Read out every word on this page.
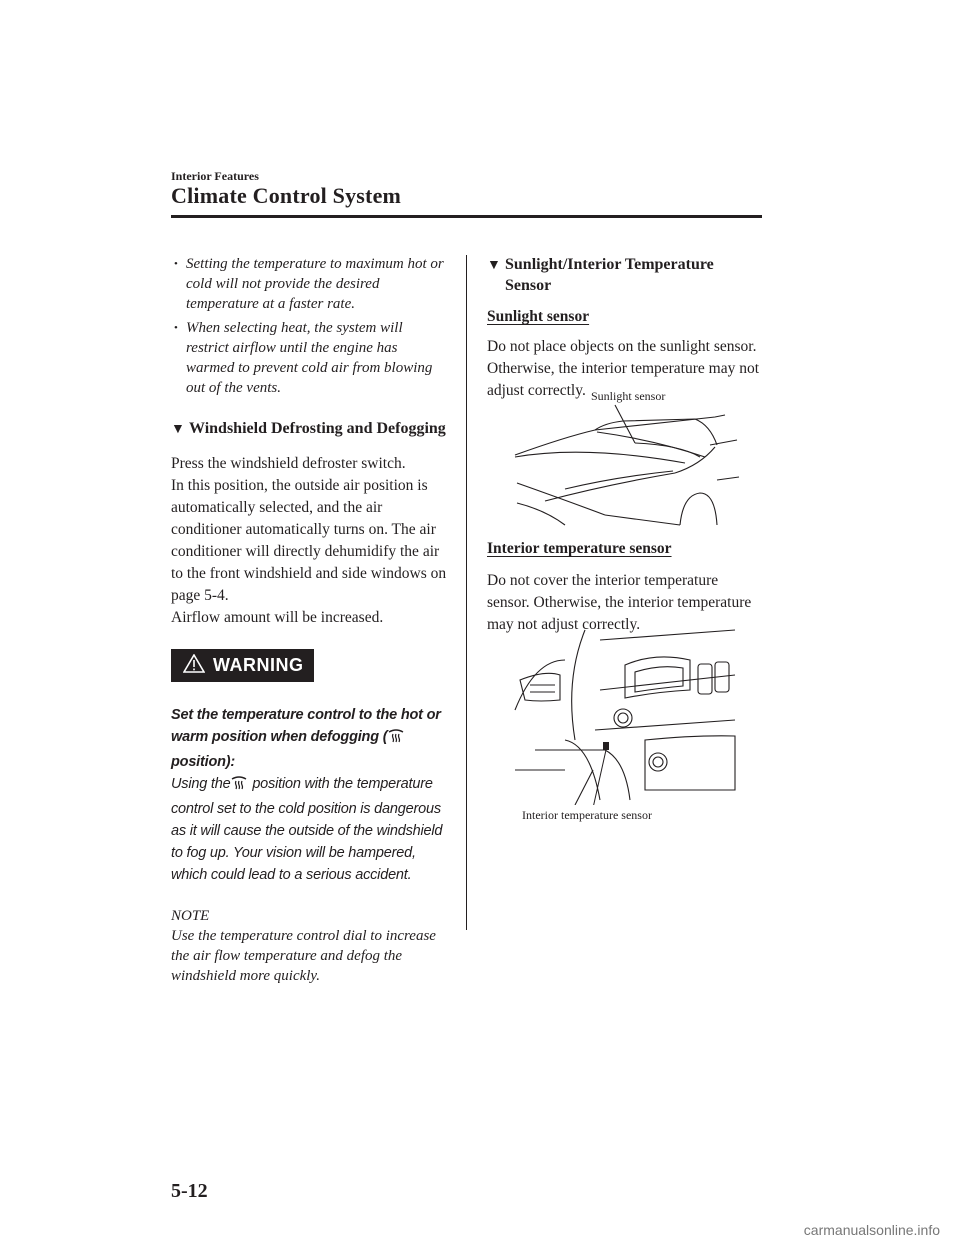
Interior Features
Climate Control System

• Setting the temperature to maximum hot or cold will not provide the desired temperature at a faster rate.

• When selecting heat, the system will restrict airflow until the engine has warmed to prevent cold air from blowing out of the vents.

▼ Windshield Defrosting and Defogging

Press the windshield defroster switch.

In this position, the outside air position is automatically selected, and the air conditioner automatically turns on. The air conditioner will directly dehumidify the air to the front windshield and side windows on page 5-4.

Airflow amount will be increased.

WARNING

Set the temperature control to the hot or warm position when defogging ( position):

Using the position with the temperature control set to the cold position is dangerous as it will cause the outside of the windshield to fog up. Your vision will be hampered, which could lead to a serious accident.

NOTE

Use the temperature control dial to increase the air flow temperature and defog the windshield more quickly.

▼ Sunlight/Interior Temperature Sensor

Sunlight sensor

Do not place objects on the sunlight sensor. Otherwise, the interior temperature may not adjust correctly. Sunlight sensor

Interior temperature sensor

Do not cover the interior temperature sensor. Otherwise, the interior temperature may not adjust correctly.

Interior temperature sensor
5-12
carmanualsonline.info
